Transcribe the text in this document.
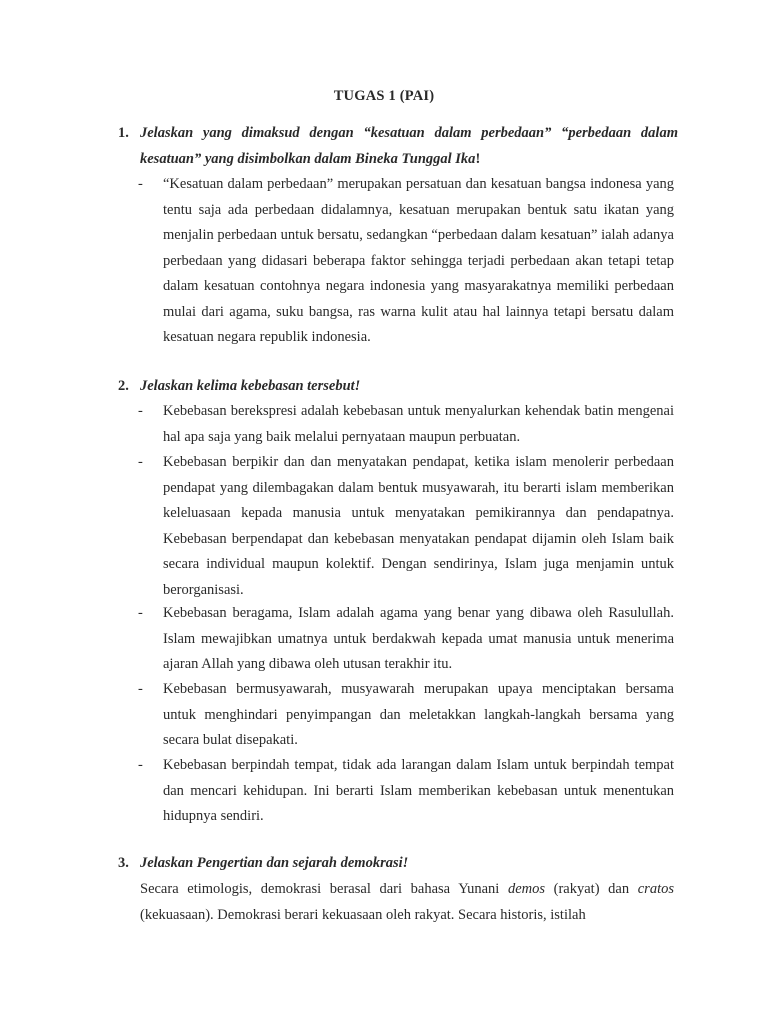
TUGAS 1 (PAI)
1. Jelaskan yang dimaksud dengan “kesatuan dalam perbedaan” “perbedaan dalam kesatuan” yang disimbolkan dalam Bineka Tunggal Ika!
- “Kesatuan dalam perbedaan” merupakan persatuan dan kesatuan bangsa indonesa yang tentu saja ada perbedaan didalamnya, kesatuan merupakan bentuk satu ikatan yang menjalin perbedaan untuk bersatu, sedangkan “perbedaan dalam kesatuan” ialah adanya perbedaan yang didasari beberapa faktor sehingga terjadi perbedaan akan tetapi tetap dalam kesatuan contohnya negara indonesia yang masyarakatnya memiliki perbedaan mulai dari agama, suku bangsa, ras warna kulit atau hal lainnya tetapi bersatu dalam kesatuan negara republik indonesia.
2. Jelaskan kelima kebebasan tersebut!
- Kebebasan berekspresi adalah kebebasan untuk menyalurkan kehendak batin mengenai hal apa saja yang baik melalui pernyataan maupun perbuatan.
- Kebebasan berpikir dan dan menyatakan pendapat, ketika islam menolerir perbedaan pendapat yang dilembagakan dalam bentuk musyawarah, itu berarti islam memberikan keleluasaan kepada manusia untuk menyatakan pemikirannya dan pendapatnya. Kebebasan berpendapat dan kebebasan menyatakan pendapat dijamin oleh Islam baik secara individual maupun kolektif. Dengan sendirinya, Islam juga menjamin untuk berorganisasi.
- Kebebasan beragama, Islam adalah agama yang benar yang dibawa oleh Rasulullah. Islam mewajibkan umatnya untuk berdakwah kepada umat manusia untuk menerima ajaran Allah yang dibawa oleh utusan terakhir itu.
- Kebebasan bermusyawarah, musyawarah merupakan upaya menciptakan bersama untuk menghindari penyimpangan dan meletakkan langkah-langkah bersama yang secara bulat disepakati.
- Kebebasan berpindah tempat, tidak ada larangan dalam Islam untuk berpindah tempat dan mencari kehidupan. Ini berarti Islam memberikan kebebasan untuk menentukan hidupnya sendiri.
3. Jelaskan Pengertian dan sejarah demokrasi!
Secara etimologis, demokrasi berasal dari bahasa Yunani demos (rakyat) dan cratos (kekuasaan). Demokrasi berari kekuasaan oleh rakyat. Secara historis, istilah
